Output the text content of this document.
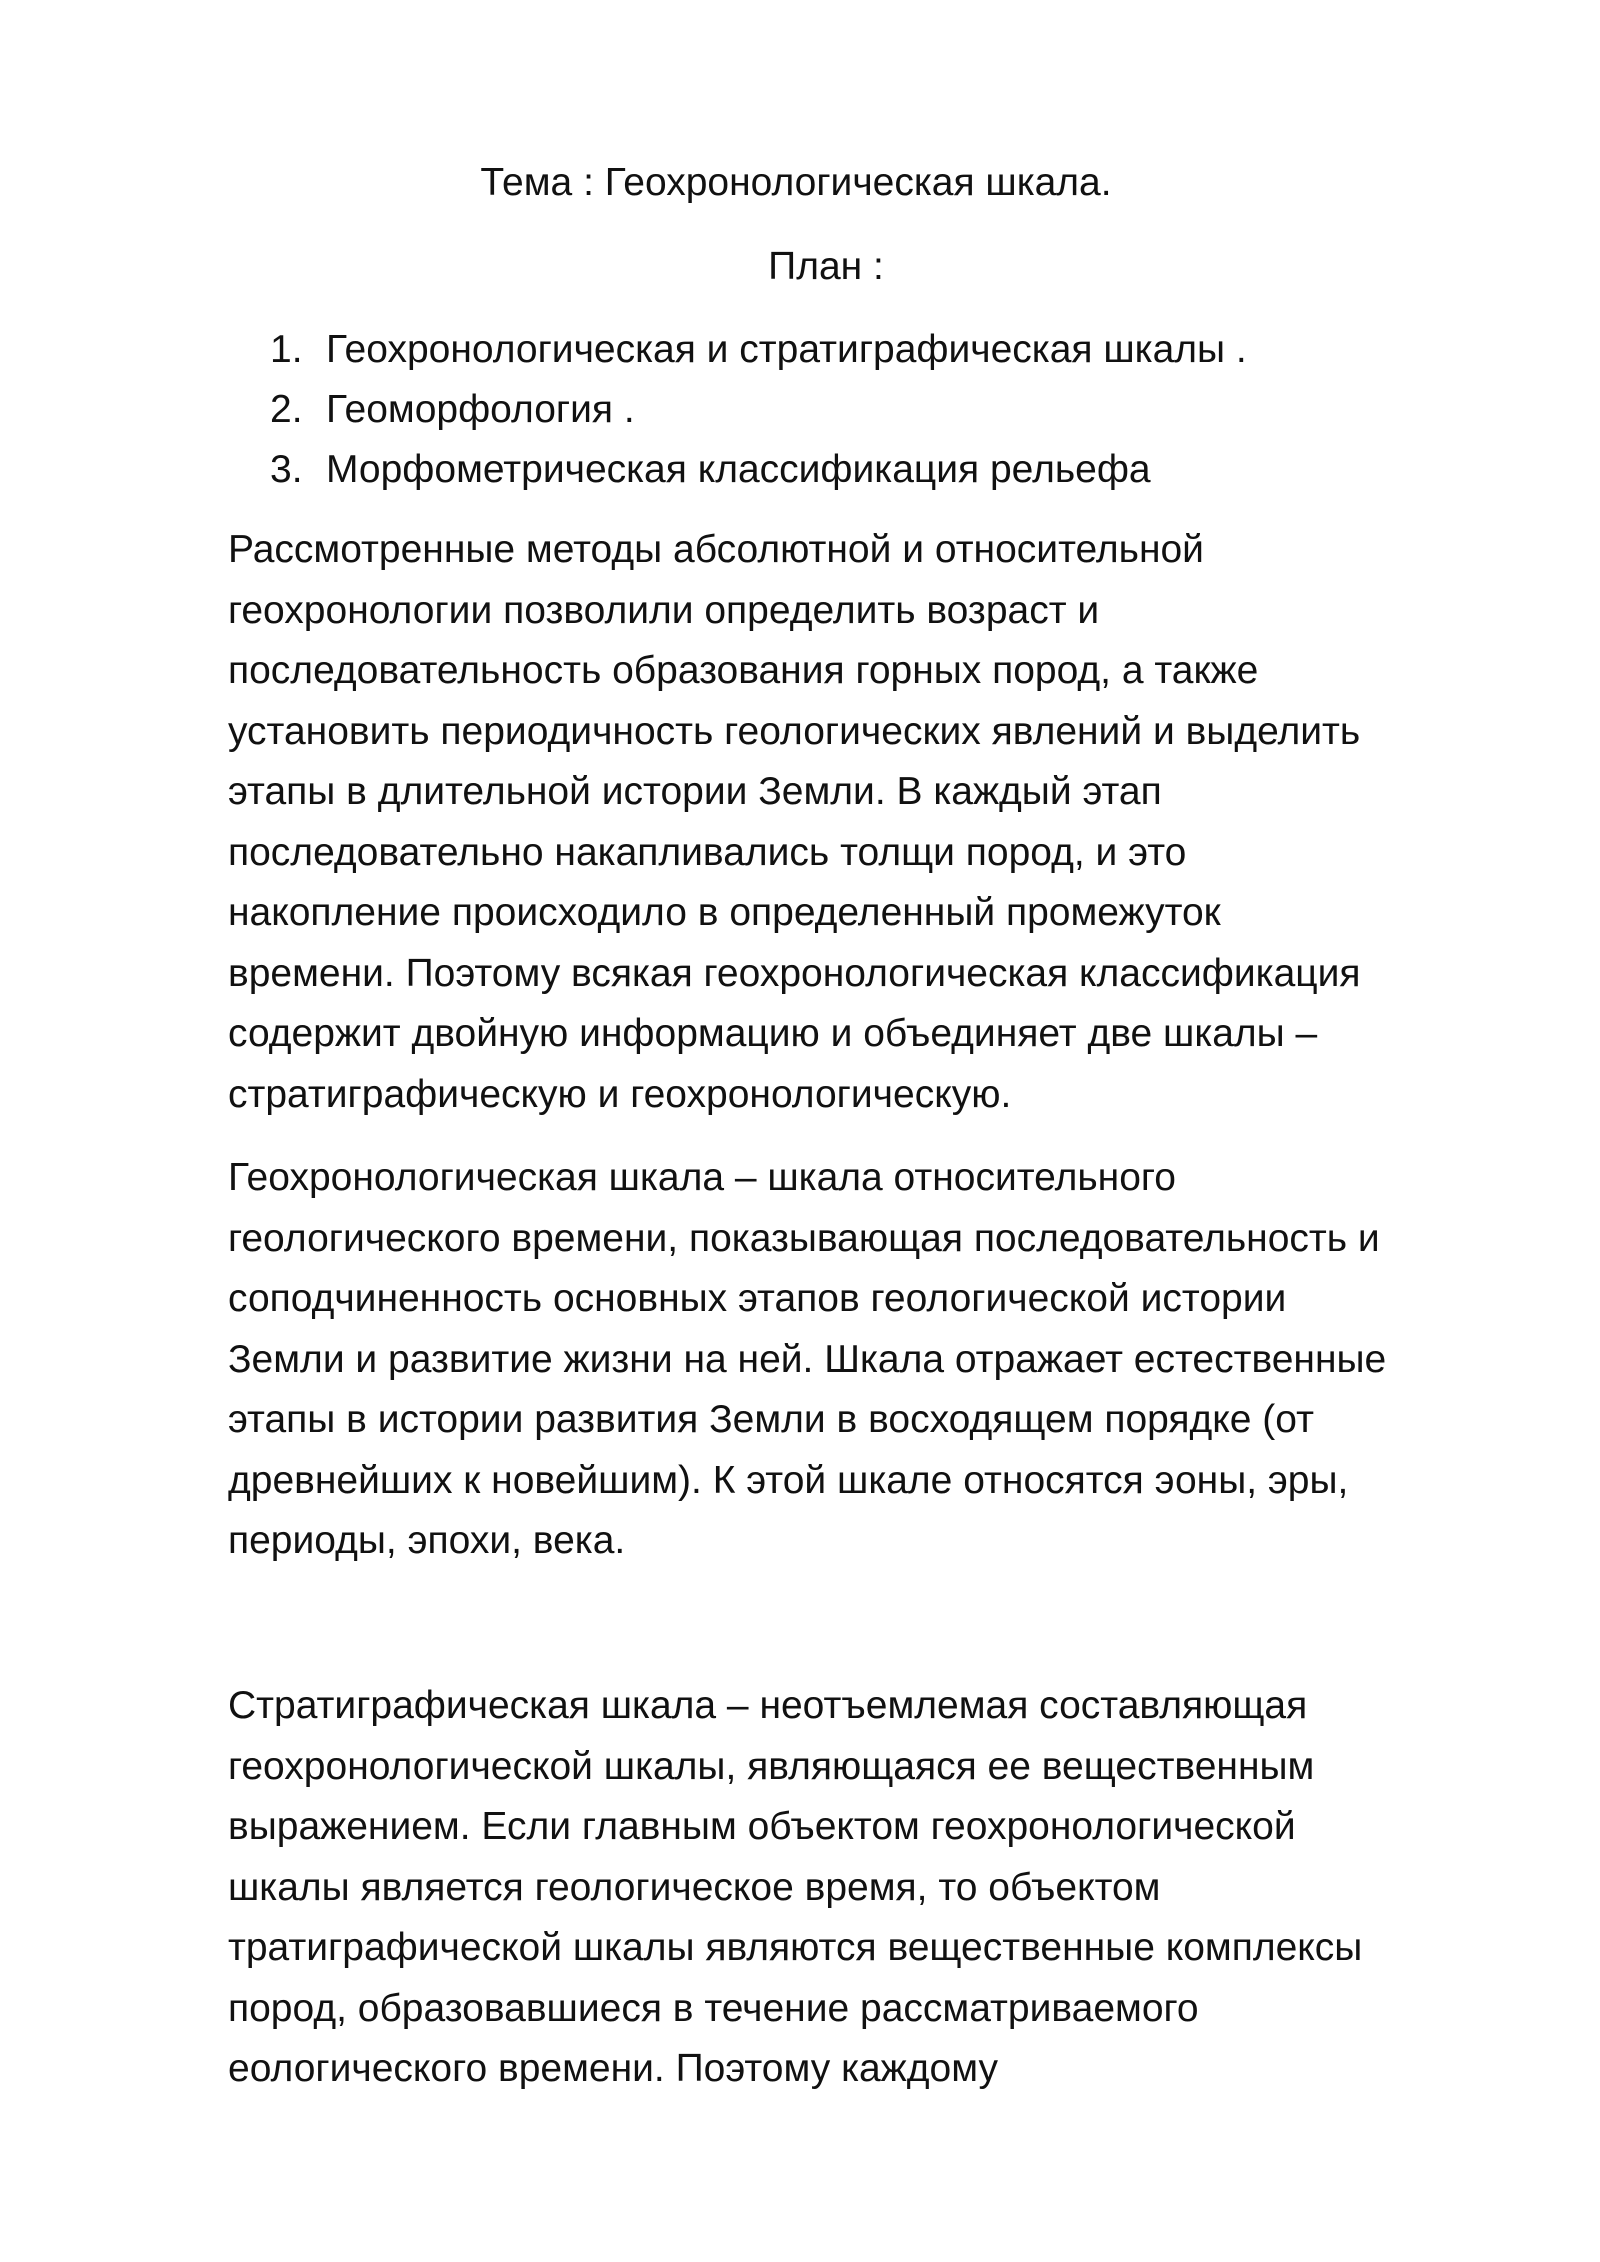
Тема : Геохронологическая шкала.
План :
1. Геохронологическая и стратиграфическая шкалы .
2. Геоморфология .
3. Морфометрическая классификация рельефа

Рассмотренные методы абсолютной и относительной
геохронологии позволили определить возраст и
последовательность образования горных пород, а также
установить периодичность геологических явлений и выделить
этапы в длительной истории Земли. В каждый этап
последовательно накапливались толщи пород, и это
накопление происходило в определенный промежуток
времени. Поэтому всякая геохронологическая классификация
содержит двойную информацию и объединяет две шкалы –
стратиграфическую и геохронологическую.

Геохронологическая шкала – шкала относительного
геологического времени, показывающая последовательность и
соподчиненность основных этапов геологической истории
Земли и развитие жизни на ней. Шкала отражает естественные
этапы в истории развития Земли в восходящем порядке (от
древнейших к новейшим). К этой шкале относятся эоны, эры,
периоды, эпохи, века.

Стратиграфическая шкала – неотъемлемая составляющая
геохронологической шкалы, являющаяся ее вещественным
выражением. Если главным объектом геохронологической
шкалы является геологическое время, то объектом
тратиграфической шкалы являются вещественные комплексы
пород, образовавшиеся в течение рассматриваемого
еологического времени. Поэтому каждому
